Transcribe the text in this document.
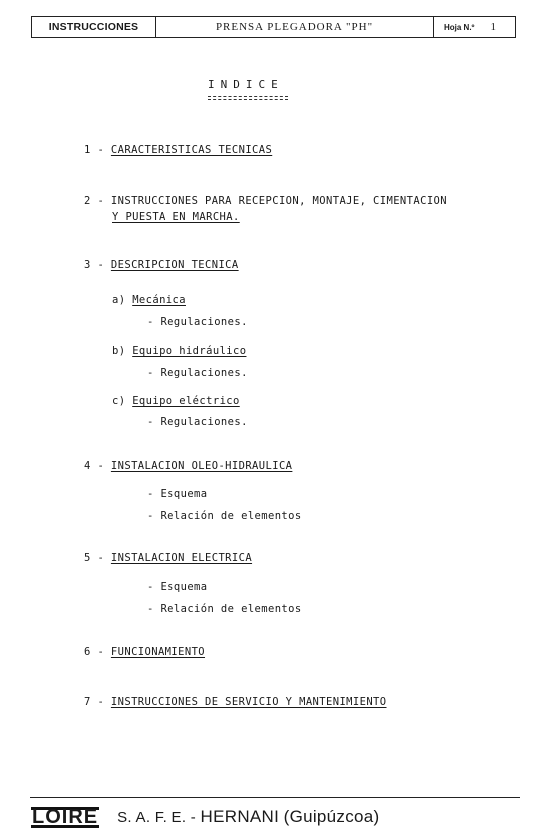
INSTRUCCIONES	PRENSA PLEGADORA "PH"	Hoja N.º 1
INDICE
1 - CARACTERISTICAS TECNICAS
2 - INSTRUCCIONES PARA RECEPCION, MONTAJE, CIMENTACION
Y PUESTA EN MARCHA.
3 - DESCRIPCION TECNICA
a) Mecánica
- Regulaciones.
b) Equipo hidráulico
- Regulaciones.
c) Equipo eléctrico
- Regulaciones.
4 - INSTALACION OLEO-HIDRAULICA
- Esquema
- Relación de elementos
5 - INSTALACION ELECTRICA
- Esquema
- Relación de elementos
6 - FUNCIONAMIENTO
7 - INSTRUCCIONES DE SERVICIO Y MANTENIMIENTO
LOIRE S. A. F. E. - HERNANI (Guipúzcoa)
